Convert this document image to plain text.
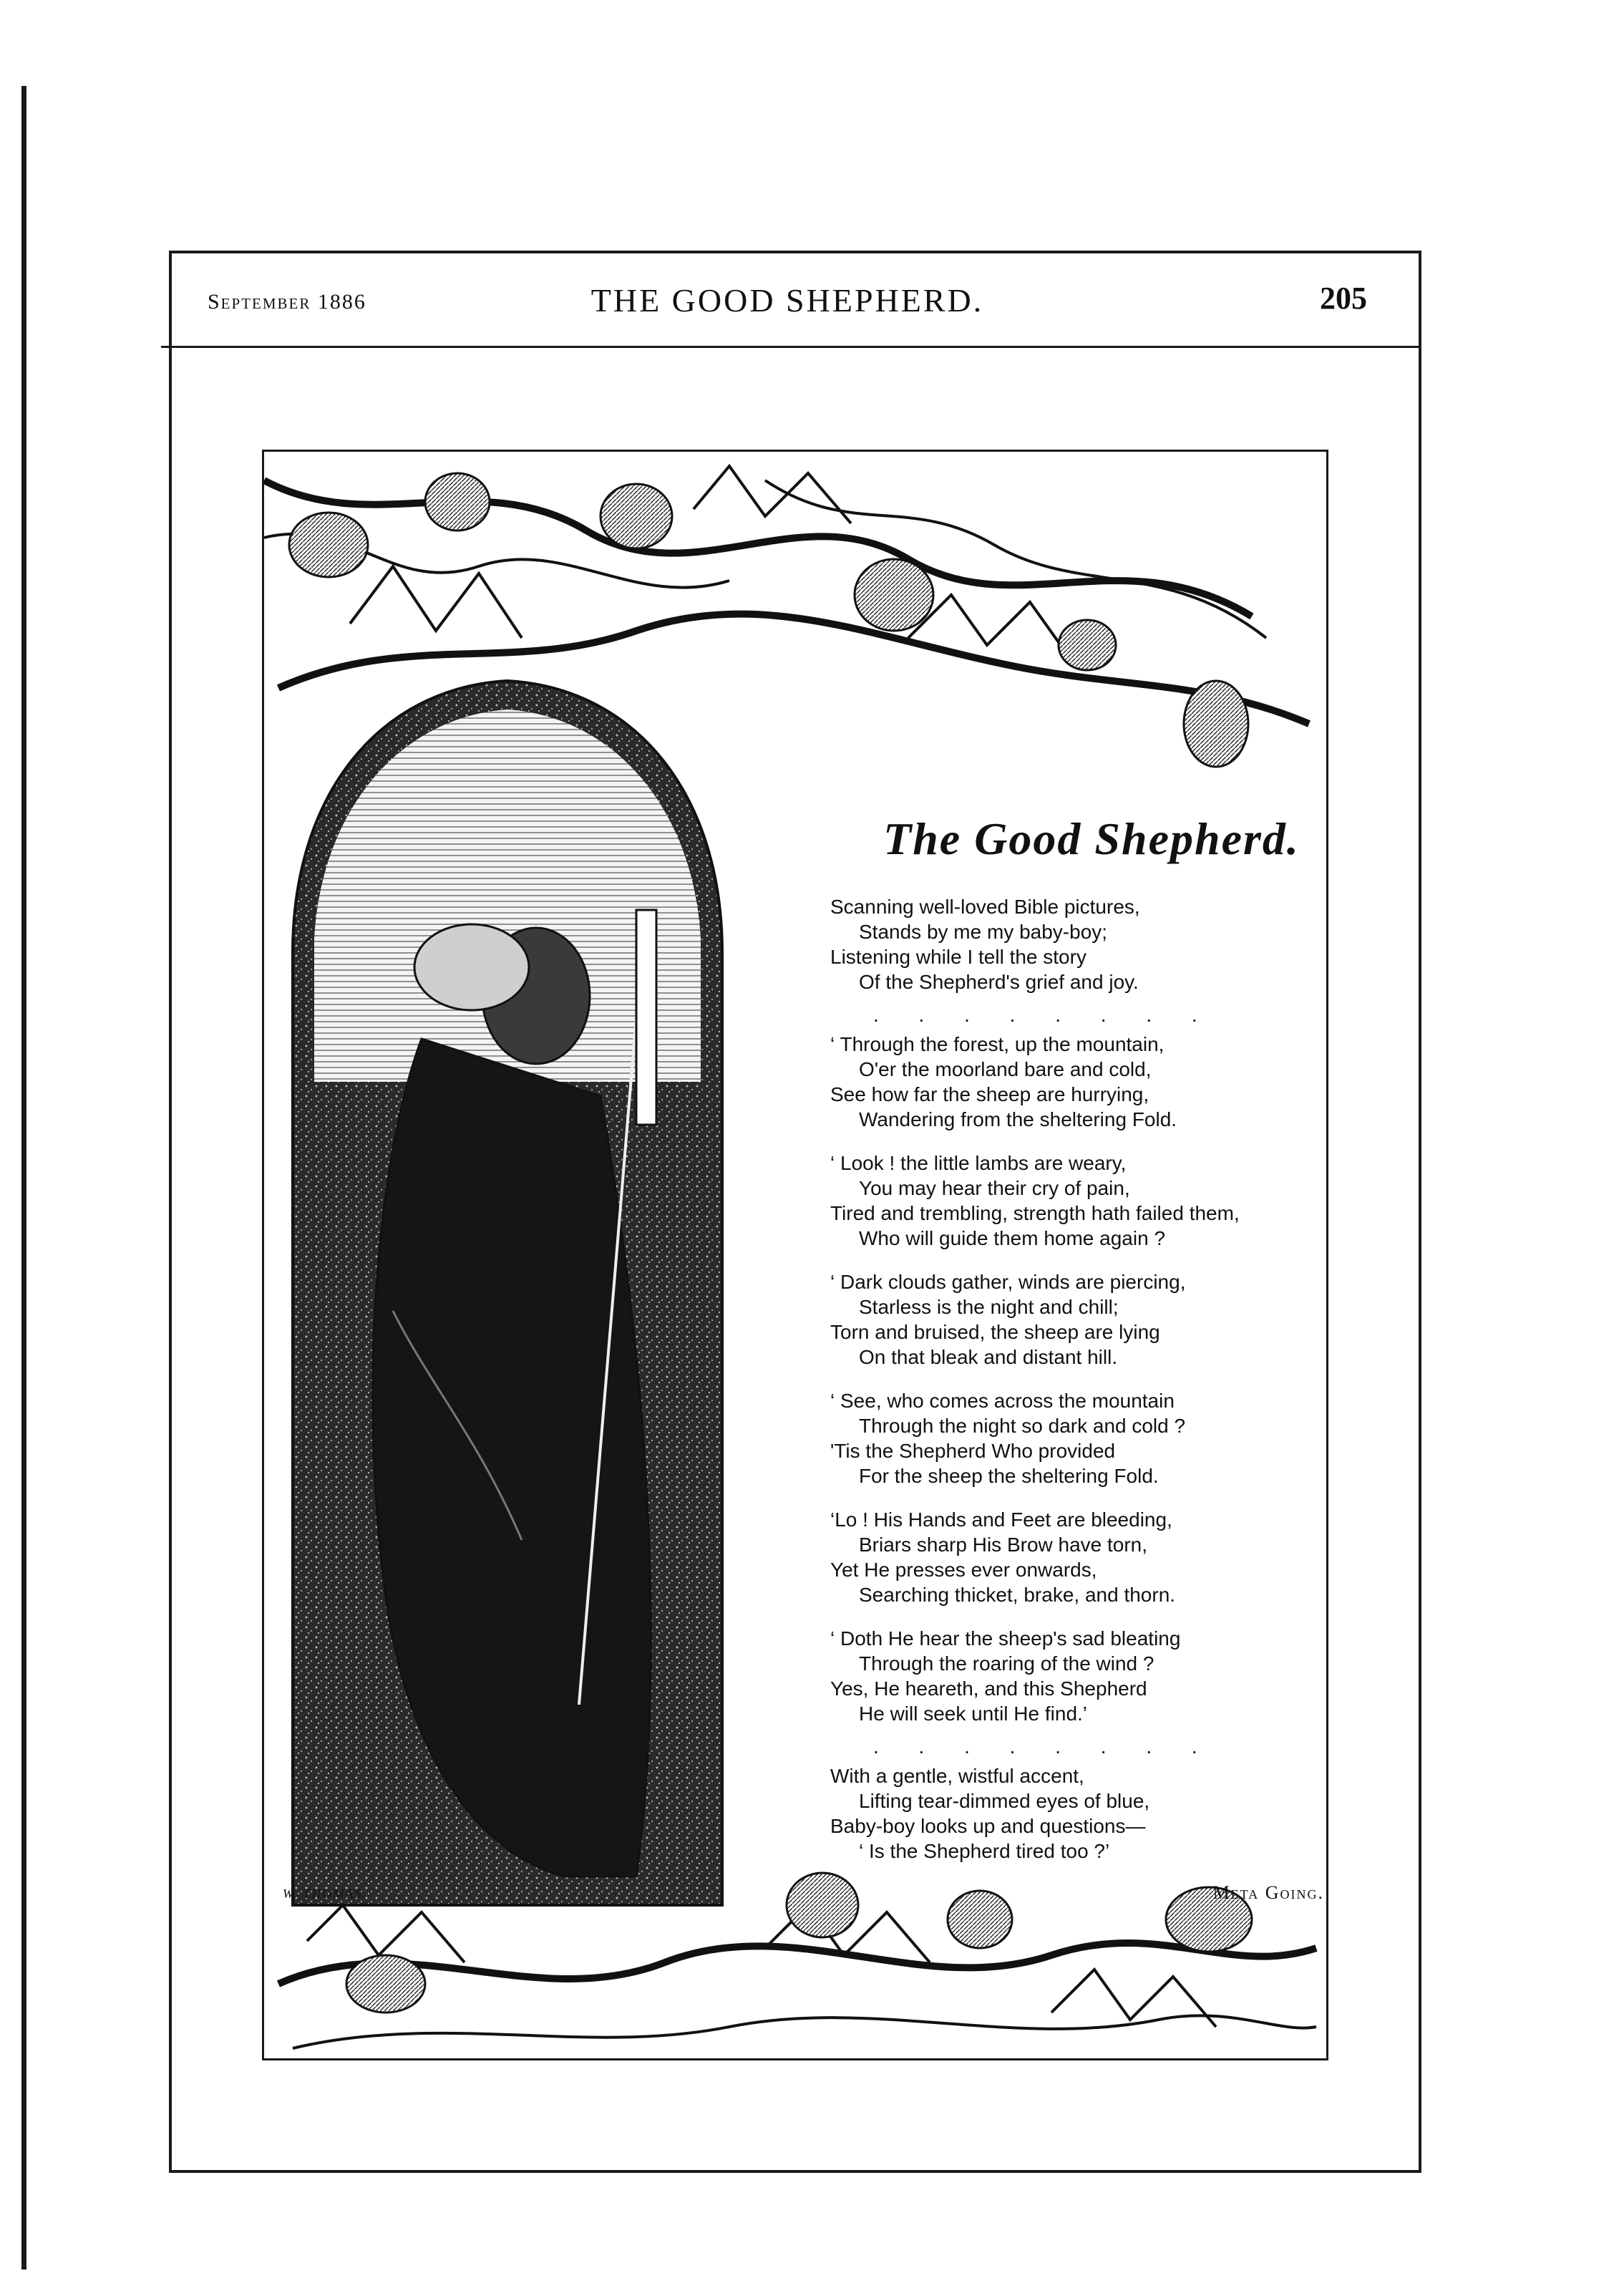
September 1886	THE GOOD SHEPHERD.	205
W. THOMAS.
The Good Shepherd.
Scanning well-loved Bible pictures,
Stands by me my baby-boy;
Listening while I tell the story
Of the Shepherd's grief and joy.
. . . . . . . .
‘ Through the forest, up the mountain,
O'er the moorland bare and cold,
See how far the sheep are hurrying,
Wandering from the sheltering Fold.
‘ Look ! the little lambs are weary,
You may hear their cry of pain,
Tired and trembling, strength hath failed them,
Who will guide them home again ?
‘ Dark clouds gather, winds are piercing,
Starless is the night and chill;
Torn and bruised, the sheep are lying
On that bleak and distant hill.
‘ See, who comes across the mountain
Through the night so dark and cold ?
'Tis the Shepherd Who provided
For the sheep the sheltering Fold.
‘Lo ! His Hands and Feet are bleeding,
Briars sharp His Brow have torn,
Yet He presses ever onwards,
Searching thicket, brake, and thorn.
‘ Doth He hear the sheep's sad bleating
Through the roaring of the wind ?
Yes, He heareth, and this Shepherd
He will seek until He find.’
. . . . . . . .
With a gentle, wistful accent,
Lifting tear-dimmed eyes of blue,
Baby-boy looks up and questions—
‘ Is the Shepherd tired too ?’
Meta Going.
